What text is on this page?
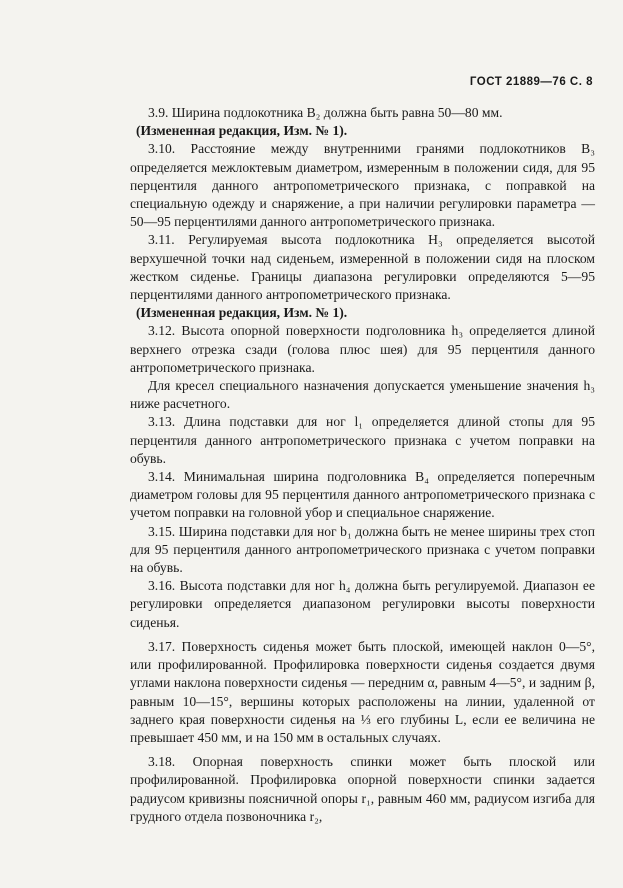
ГОСТ 21889—76 С. 8

3.9. Ширина подлокотника B₂ должна быть равна 50—80 мм.

(Измененная редакция, Изм. № 1).

3.10. Расстояние между внутренними гранями подлокотников B₃ определяется межлоктевым диаметром, измеренным в положении сидя, для 95 перцентиля данного антропометрического признака, с поправкой на специальную одежду и снаряжение, а при наличии регулировки параметра — 50—95 перцентилями данного антропометрического признака.

3.11. Регулируемая высота подлокотника H₃ определяется высотой верхушечной точки над сиденьем, измеренной в положении сидя на плоском жестком сиденье. Границы диапазона регулировки определяются 5—95 перцентилями данного антропометрического признака.

(Измененная редакция, Изм. № 1).

3.12. Высота опорной поверхности подголовника h₃ определяется длиной верхнего отрезка сзади (голова плюс шея) для 95 перцентиля данного антропометрического признака.

Для кресел специального назначения допускается уменьшение значения h₃ ниже расчетного.

3.13. Длина подставки для ног l₁ определяется длиной стопы для 95 перцентиля данного антропометрического признака с учетом поправки на обувь.

3.14. Минимальная ширина подголовника B₄ определяется поперечным диаметром головы для 95 перцентиля данного антропометрического признака с учетом поправки на головной убор и специальное снаряжение.

3.15. Ширина подставки для ног b₁ должна быть не менее ширины трех стоп для 95 перцентиля данного антропометрического признака с учетом поправки на обувь.

3.16. Высота подставки для ног h₄ должна быть регулируемой. Диапазон ее регулировки определяется диапазоном регулировки высоты поверхности сиденья.

3.17. Поверхность сиденья может быть плоской, имеющей наклон 0—5°, или профилированной. Профилировка поверхности сиденья создается двумя углами наклона поверхности сиденья — передним α, равным 4—5°, и задним β, равным 10—15°, вершины которых расположены на линии, удаленной от заднего края поверхности сиденья на ⅓ его глубины L, если ее величина не превышает 450 мм, и на 150 мм в остальных случаях.

3.18. Опорная поверхность спинки может быть плоской или профилированной. Профилировка опорной поверхности спинки задается радиусом кривизны поясничной опоры r₁, равным 460 мм, радиусом изгиба для грудного отдела позвоночника r₂,
